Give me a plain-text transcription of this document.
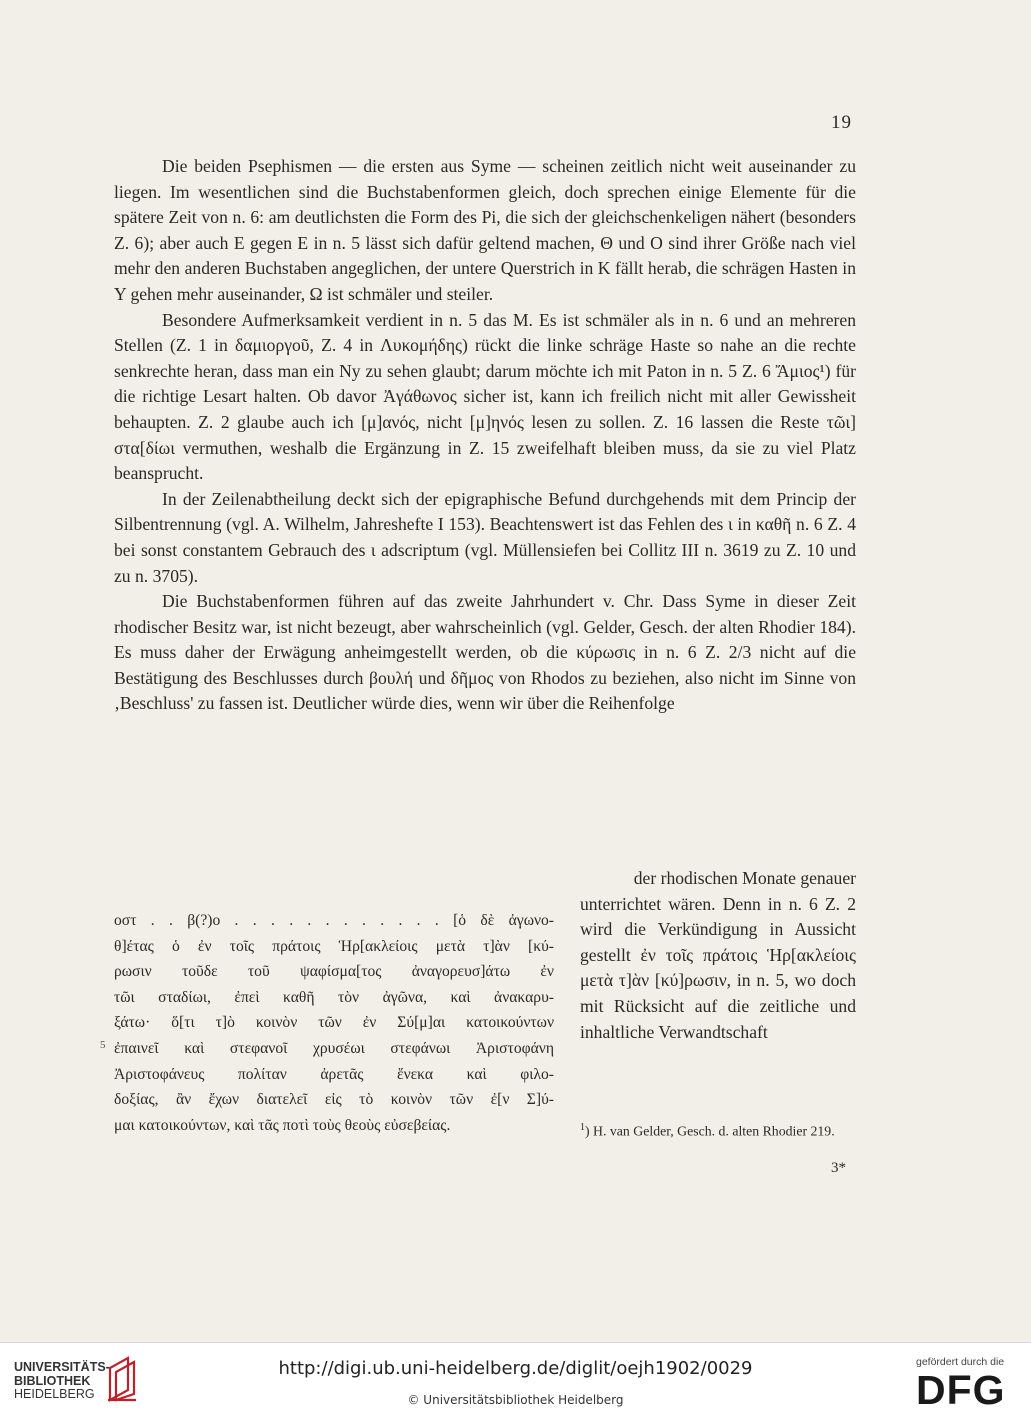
19

Die beiden Psephismen — die ersten aus Syme — scheinen zeitlich nicht weit auseinander zu liegen. Im wesentlichen sind die Buchstabenformen gleich, doch sprechen einige Elemente für die spätere Zeit von n. 6: am deutlichsten die Form des Pi, die sich der gleichschenkeligen nähert (besonders Z. 6); aber auch Ε gegen Ε in n. 5 lässt sich dafür geltend machen, Θ und Ο sind ihrer Größe nach viel mehr den anderen Buchstaben angeglichen, der untere Querstrich in Κ fällt herab, die schrägen Hasten in Υ gehen mehr auseinander, Ω ist schmäler und steiler.

Besondere Aufmerksamkeit verdient in n. 5 das Μ. Es ist schmäler als in n. 6 und an mehreren Stellen (Z. 1 in δαμιοργοῦ, Z. 4 in Λυκομήδης) rückt die linke schräge Haste so nahe an die rechte senkrechte heran, dass man ein Ny zu sehen glaubt; darum möchte ich mit Paton in n. 5 Z. 6 Ἄμιος¹) für die richtige Lesart halten. Ob davor Ἀγάθωνος sicher ist, kann ich freilich nicht mit aller Gewissheit behaupten. Z. 2 glaube auch ich [μ]ανός, nicht [μ]ηνός lesen zu sollen. Z. 16 lassen die Reste τῶι] στα[δίωι vermuthen, weshalb die Ergänzung in Z. 15 zweifelhaft bleiben muss, da sie zu viel Platz beansprucht.

In der Zeilenabtheilung deckt sich der epigraphische Befund durchgehends mit dem Princip der Silbentrennung (vgl. A. Wilhelm, Jahreshefte I 153). Beachtenswert ist das Fehlen des ι in καθῆ n. 6 Z. 4 bei sonst constantem Gebrauch des ι adscriptum (vgl. Müllensiefen bei Collitz III n. 3619 zu Z. 10 und zu n. 3705).

Die Buchstabenformen führen auf das zweite Jahrhundert v. Chr. Dass Syme in dieser Zeit rhodischer Besitz war, ist nicht bezeugt, aber wahrscheinlich (vgl. Gelder, Gesch. der alten Rhodier 184). Es muss daher der Erwägung anheimgestellt werden, ob die κύρωσις in n. 6 Z. 2/3 nicht auf die Bestätigung des Beschlusses durch βουλή und δῆμος von Rhodos zu beziehen, also nicht im Sinne von ‚Beschluss' zu fassen ist. Deutlicher würde dies, wenn wir über die Reihenfolge

οστ . . β(?)ο . . . . . . . . . . . . [ὁ δὲ ἀγωνο-
θ]έτας ὁ ἐν τοῖς πράτοις Ἡρ[ακλείοις μετὰ τ]ὰν [κύ-
ρωσιν τοῦδε τοῦ ψαφίσμα[τος ἀναγορευσ]άτω ἐν
τῶι σταδίωι, ἐπεὶ καθῆ τὸν ἀγῶνα, καὶ ἀνακαρυ-
ξάτω· ὅ[τι τ]ὸ κοινὸν τῶν ἐν Σύ[μ]αι κατοικούντων
ἐπαινεῖ καὶ στεφανοῖ χρυσέωι στεφάνωι Ἀριστοφάνη
Ἀριστοφάνευς πολίταν ἀρετᾶς ἕνεκα καὶ φιλο-
δοξίας, ἂν ἔχων διατελεῖ εἰς τὸ κοινὸν τῶν ἐ[ν Σ]ύ-
μαι κατοικούντων, καὶ τᾶς ποτὶ τοὺς θεοὺς εὐσεβείας.
5
der rhodischen Monate genauer
unterrichtet wären. Denn in n. 6 Z. 2 wird die Verkündigung in Aussicht gestellt ἐν τοῖς πράτοις Ἡρ[ακλείοις μετὰ τ]ὰν [κύ]ρωσιν, in n. 5, wo doch mit Rücksicht auf die zeitliche und inhaltliche Verwandtschaft
$^1$) H. van Gelder, Gesch. d. alten Rhodier 219.
3*
UNIVERSITÄTS-
BIBLIOTHEK
HEIDELBERG
http://digi.ub.uni-heidelberg.de/diglit/oejh1902/0029
© Universitätsbibliothek Heidelberg
gefördert durch die
DFG
